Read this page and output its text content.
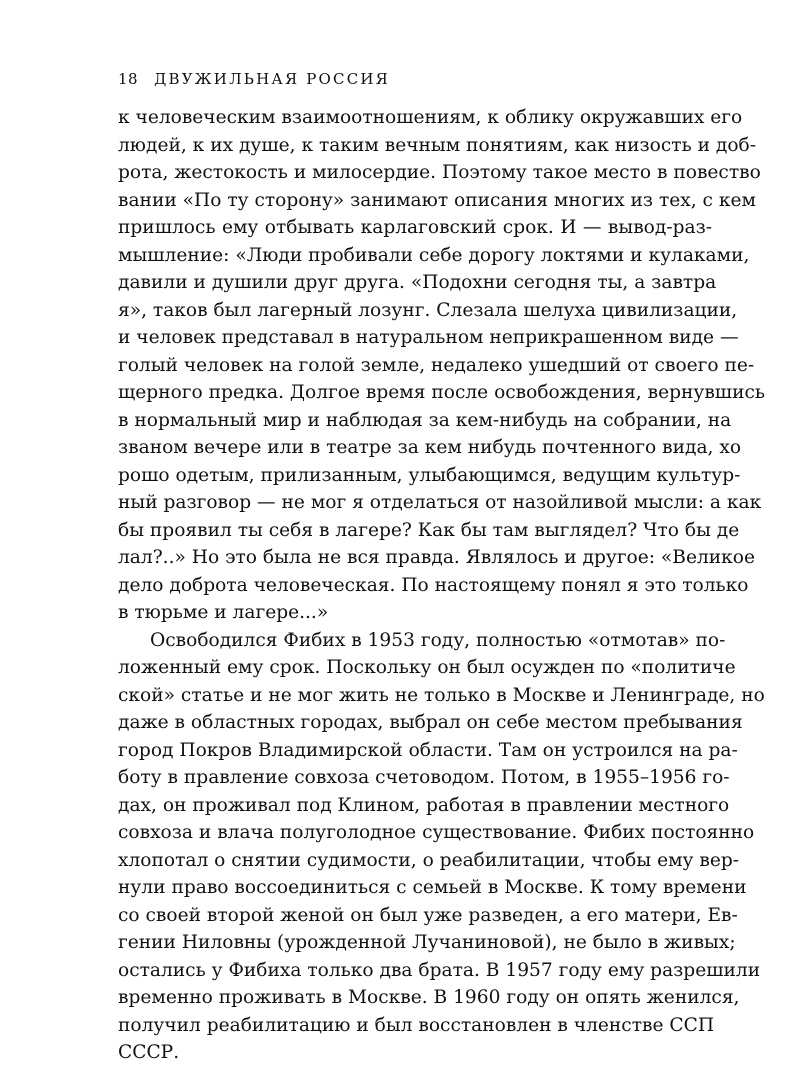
18 ДВУЖИЛЬНАЯ РОССИЯ
к человеческим взаимоотношениям, к облику окружавших его
людей, к их душе, к таким вечным понятиям, как низость и доб-
рота, жестокость и милосердие. Поэтому такое место в повество
вании «По ту сторону» занимают описания многих из тех, с кем
пришлось ему отбывать карлаговский срок. И — вывод-раз-
мышление: «Люди пробивали себе дорогу локтями и кулаками,
давили и душили друг друга. «Подохни сегодня ты, а завтра
я», таков был лагерный лозунг. Слезала шелуха цивилизации,
и человек представал в натуральном неприкрашенном виде —
голый человек на голой земле, недалеко ушедший от своего пе-
щерного предка. Долгое время после освобождения, вернувшись
в нормальный мир и наблюдая за кем-нибудь на собрании, на
званом вечере или в театре за кем нибудь почтенного вида, хо
рошо одетым, прилизанным, улыбающимся, ведущим культур-
ный разговор — не мог я отделаться от назойливой мысли: а как
бы проявил ты себя в лагере? Как бы там выглядел? Что бы де
лал?..» Но это была не вся правда. Являлось и другое: «Великое
дело доброта человеческая. По настоящему понял я это только
в тюрьме и лагере...»
Освободился Фибих в 1953 году, полностью «отмотав» по-
ложенный ему срок. Поскольку он был осужден по «политиче
ской» статье и не мог жить не только в Москве и Ленинграде, но
даже в областных городах, выбрал он себе местом пребывания
город Покров Владимирской области. Там он устроился на ра-
боту в правление совхоза счетоводом. Потом, в 1955–1956 го-
дах, он проживал под Клином, работая в правлении местного
совхоза и влача полуголодное существование. Фибих постоянно
хлопотал о снятии судимости, о реабилитации, чтобы ему вер-
нули право воссоединиться с семьей в Москве. К тому времени
со своей второй женой он был уже разведен, а его матери, Ев-
гении Ниловны (урожденной Лучаниновой), не было в живых;
остались у Фибиха только два брата. В 1957 году ему разрешили
временно проживать в Москве. В 1960 году он опять женился,
получил реабилитацию и был восстановлен в членстве ССП
СССР.
